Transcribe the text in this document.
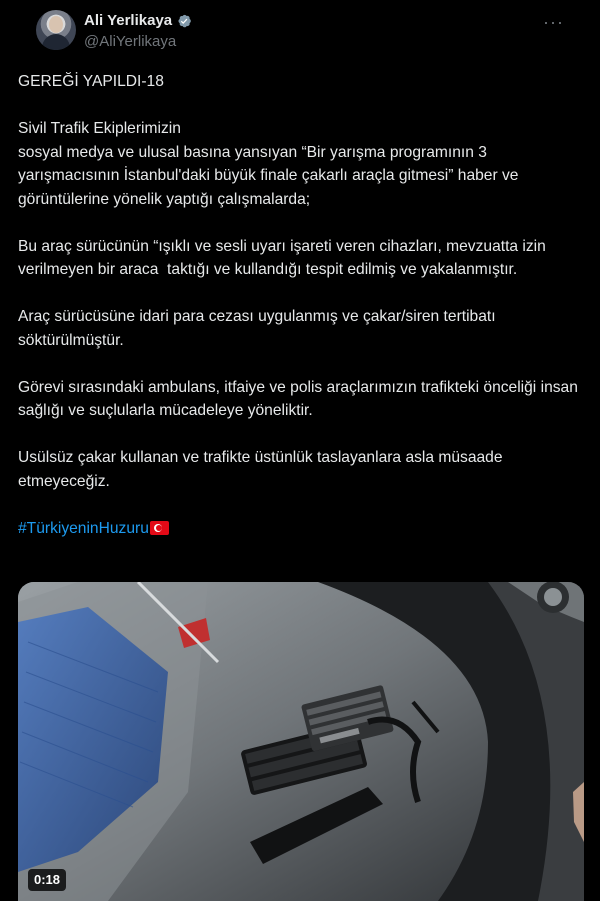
Ali Yerlikaya
@AliYerlikaya
···

GEREĞİ YAPILDI-18

Sivil Trafik Ekiplerimizin

sosyal medya ve ulusal basına yansıyan “Bir yarışma programının 3 yarışmacısının İstanbul'daki büyük finale çakarlı araçla gitmesi” haber ve görüntülerine yönelik yaptığı çalışmalarda;

Bu araç sürücünün “ışıklı ve sesli uyarı işareti veren cihazları, mevzuatta izin verilmeyen bir araca  taktığı ve kullandığı tespit edilmiş ve yakalanmıştır.

Araç sürücüsüne idari para cezası uygulanmış ve çakar/siren tertibatı söktürülmüştür.

Görevi sırasındaki ambulans, itfaiye ve polis araçlarımızın trafikteki önceliği insan sağlığı ve suçlularla mücadeleye yöneliktir.

Usülsüz çakar kullanan ve trafikte üstünlük taslayanlara asla müsaade etmeyeceğiz.

#TürkiyeninHuzuru

0:18
